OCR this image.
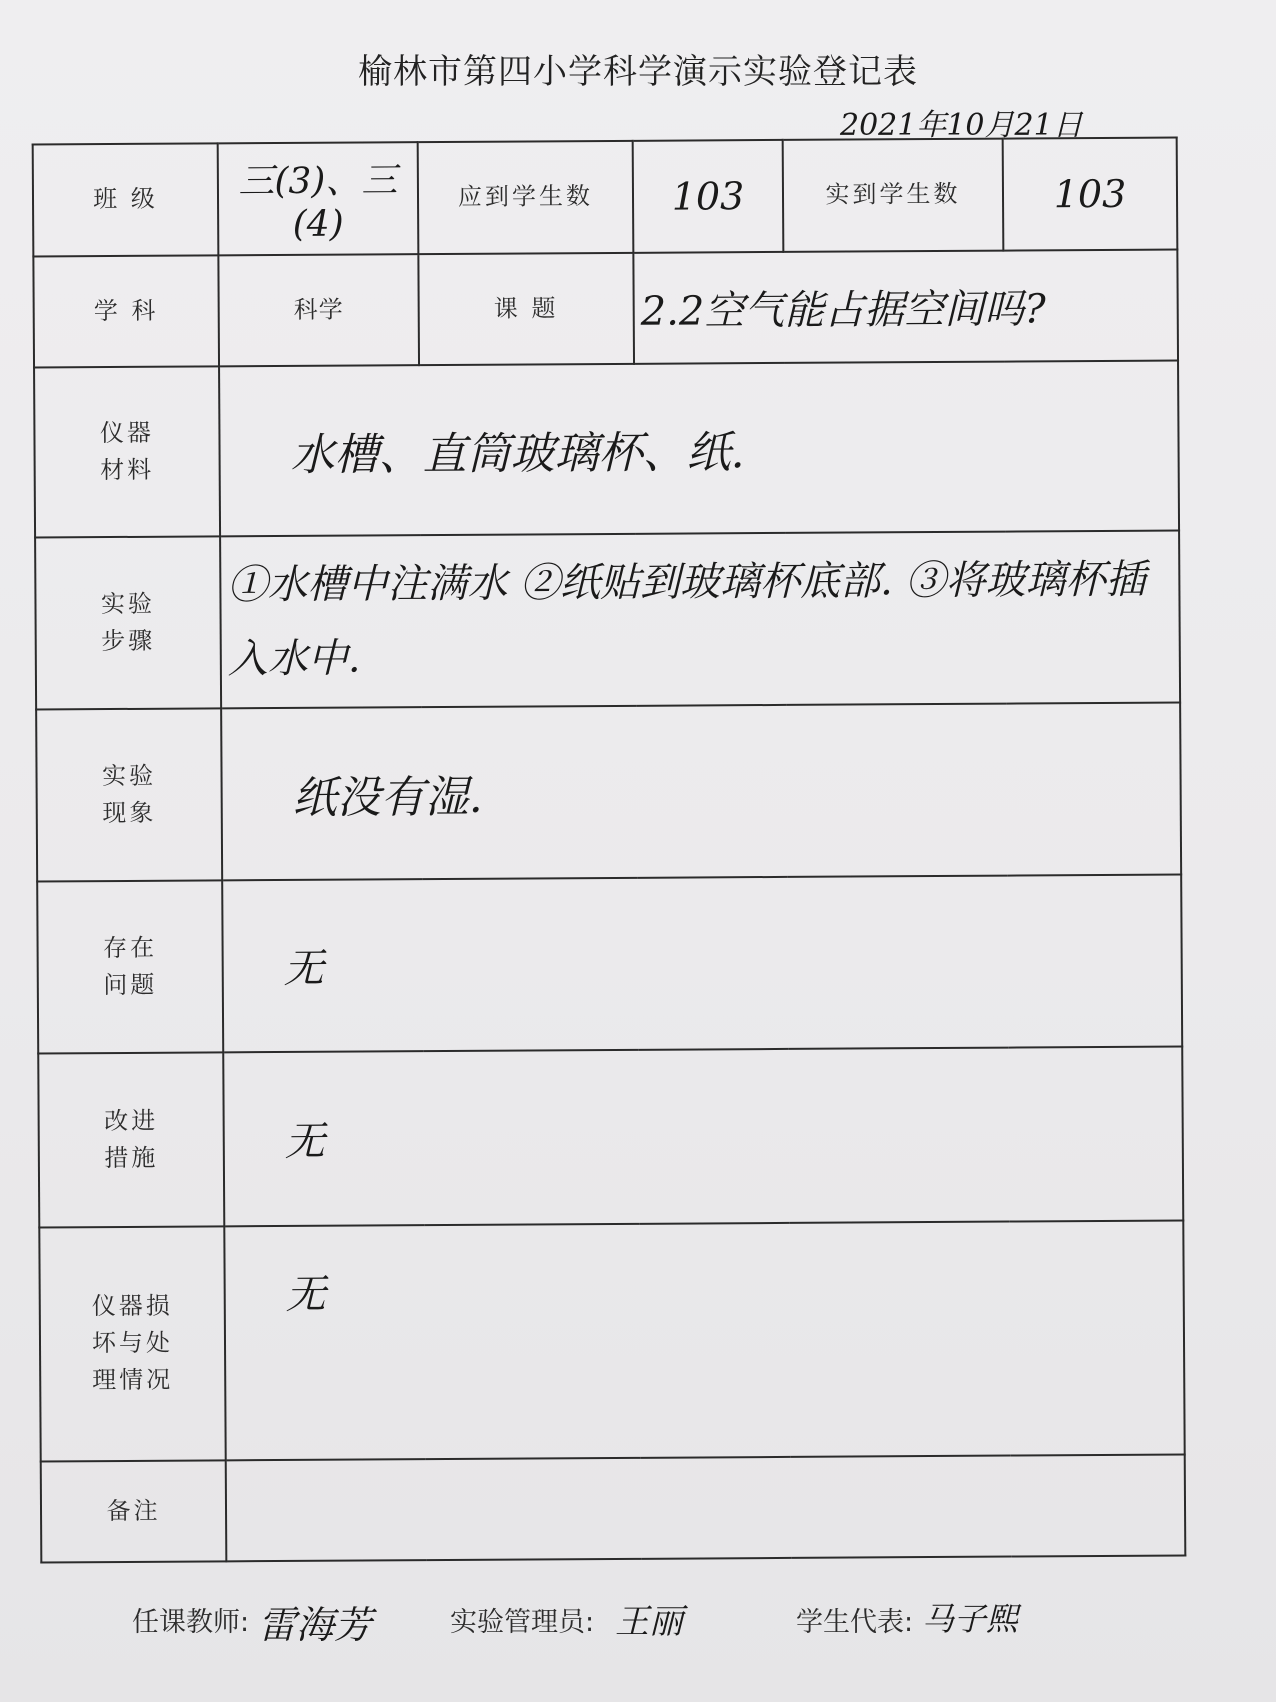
榆林市第四小学科学演示实验登记表
2021年10月21日
班 级	三(3)、三(4)	应到学生数	103	实到学生数	103
学 科	科学	课 题	2.2空气能占据空间吗?		

仪器
材料	水槽、直筒玻璃杯、纸.				

实验
步骤	①水槽中注满水 ②纸贴到玻璃杯底部. ③将玻璃杯插入水中.				

实验
现象	纸没有湿.				

存在
问题	无				

改进
措施	无				

仪器损
坏与处
理情况	无				
备注					
任课教师: 雷海芳	实验管理员: 王丽	学生代表: 马子熙
